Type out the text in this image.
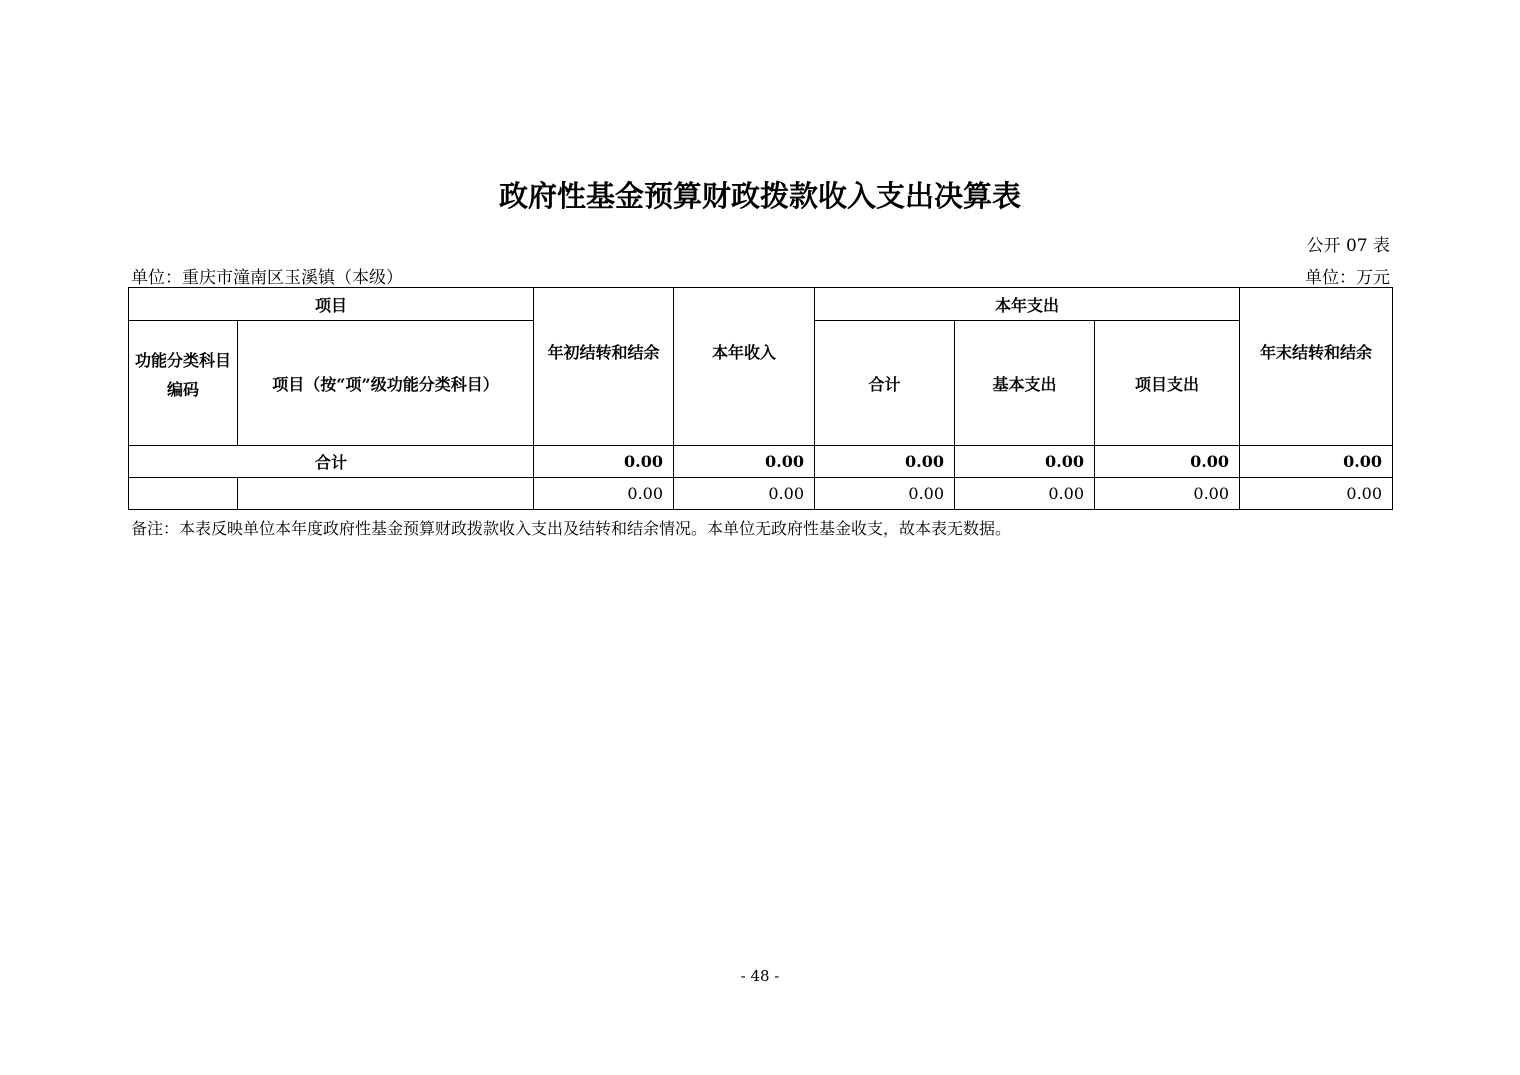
政府性基金预算财政拨款收入支出决算表
公开 07 表
单位：重庆市潼南区玉溪镇（本级）	单位：万元
项目		年初结转和结余	本年收入	本年支出			年末结转和结余
功能分类科目编码	项目（按“项”级功能分类科目）			合计	基本支出	项目支出	
合计		0.00	0.00	0.00	0.00	0.00	0.00
		0.00	0.00	0.00	0.00	0.00	0.00
备注：本表反映单位本年度政府性基金预算财政拨款收入支出及结转和结余情况。本单位无政府性基金收支，故本表无数据。
- 48 -
